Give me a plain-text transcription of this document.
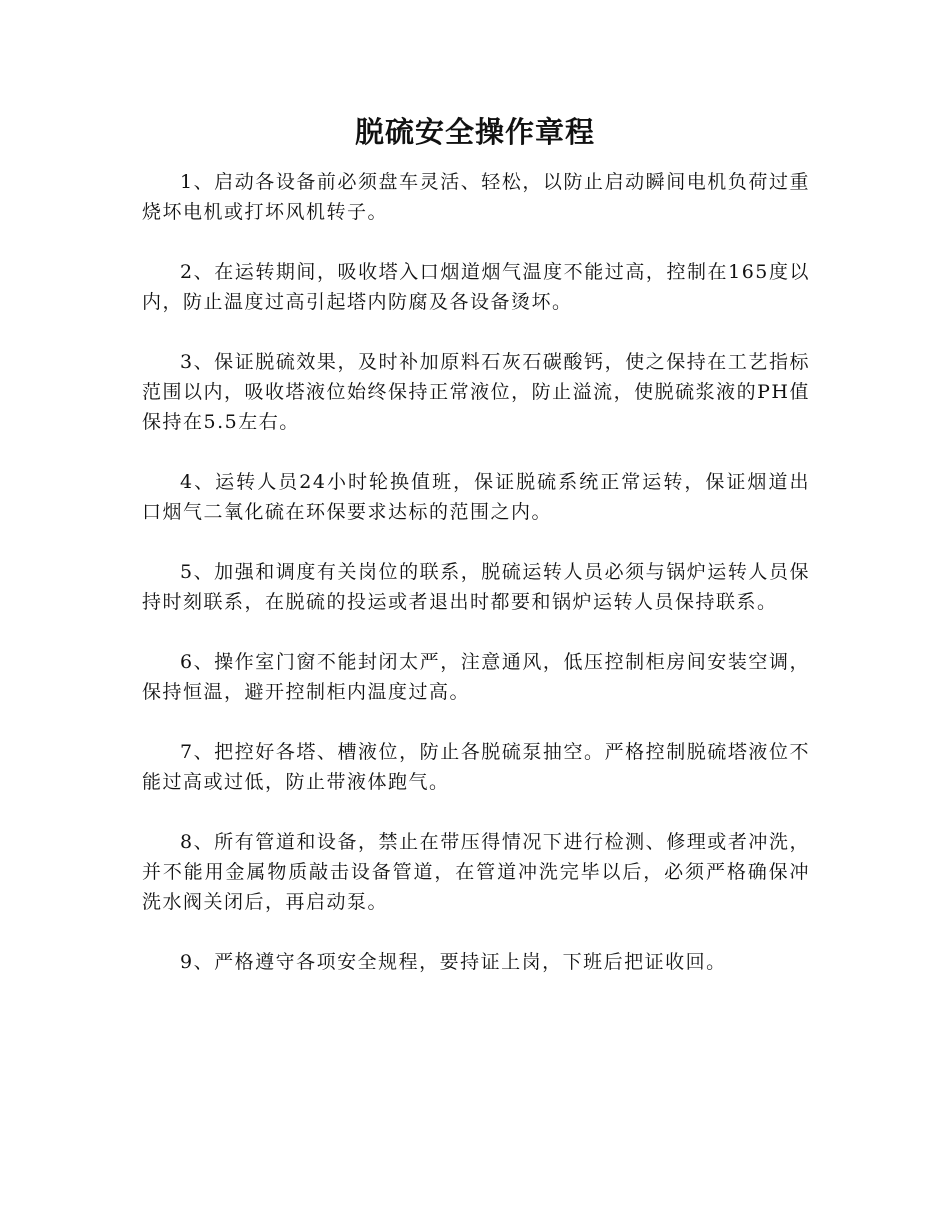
脱硫安全操作章程

1、启动各设备前必须盘车灵活、轻松，以防止启动瞬间电机负荷过重烧坏电机或打坏风机转子。

2、在运转期间，吸收塔入口烟道烟气温度不能过高，控制在165度以内，防止温度过高引起塔内防腐及各设备烫坏。

3、保证脱硫效果，及时补加原料石灰石碳酸钙，使之保持在工艺指标范围以内，吸收塔液位始终保持正常液位，防止溢流，使脱硫浆液的PH值保持在5.5左右。

4、运转人员24小时轮换值班，保证脱硫系统正常运转，保证烟道出口烟气二氧化硫在环保要求达标的范围之内。

5、加强和调度有关岗位的联系，脱硫运转人员必须与锅炉运转人员保持时刻联系，在脱硫的投运或者退出时都要和锅炉运转人员保持联系。

6、操作室门窗不能封闭太严，注意通风，低压控制柜房间安装空调，保持恒温，避开控制柜内温度过高。

7、把控好各塔、槽液位，防止各脱硫泵抽空。严格控制脱硫塔液位不能过高或过低，防止带液体跑气。

8、所有管道和设备，禁止在带压得情况下进行检测、修理或者冲洗，并不能用金属物质敲击设备管道，在管道冲洗完毕以后，必须严格确保冲洗水阀关闭后，再启动泵。

9、严格遵守各项安全规程，要持证上岗，下班后把证收回。
